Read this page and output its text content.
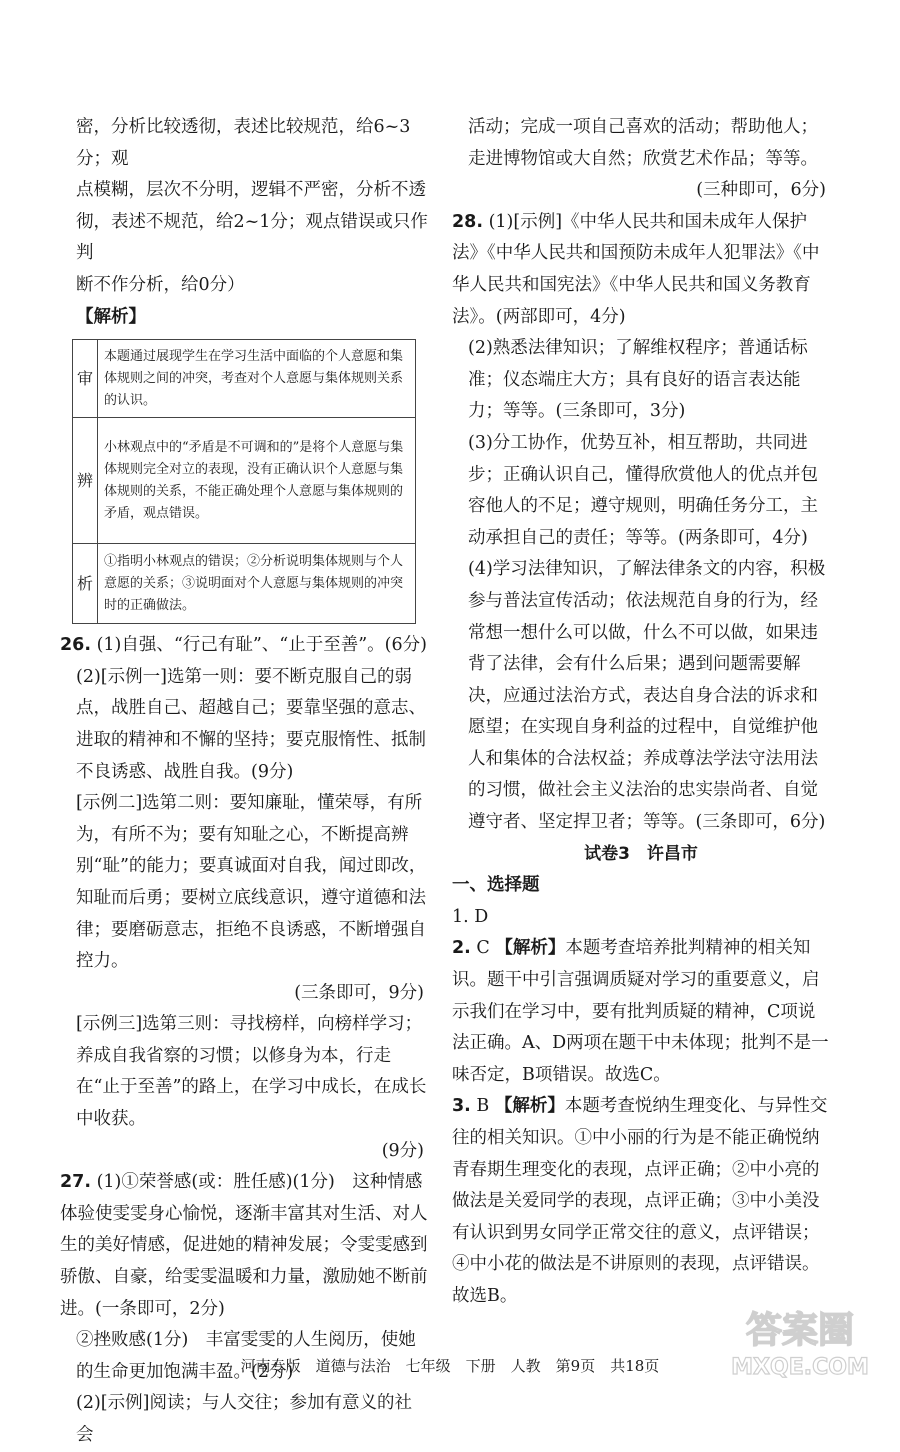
密，分析比较透彻，表述比较规范，给6~3分；观

点模糊，层次不分明，逻辑不严密，分析不透

彻，表述不规范，给2~1分；观点错误或只作判

断不作分析，给0分）

【解析】

审	本题通过展现学生在学习生活中面临的个人意愿和集体规则之间的冲突，考查对个人意愿与集体规则关系的认识。
辨	小林观点中的“矛盾是不可调和的”是将个人意愿与集体规则完全对立的表现，没有正确认识个人意愿与集体规则的关系，不能正确处理个人意愿与集体规则的矛盾，观点错误。
析	①指明小林观点的错误；②分析说明集体规则与个人意愿的关系；③说明面对个人意愿与集体规则的冲突时的正确做法。

26. (1)自强、“行己有耻”、“止于至善”。(6分)

(2)[示例一]选第一则：要不断克服自己的弱点，战胜自己、超越自己；要靠坚强的意志、进取的精神和不懈的坚持；要克服惰性、抵制不良诱惑、战胜自我。(9分)

[示例二]选第二则：要知廉耻，懂荣辱，有所为，有所不为；要有知耻之心，不断提高辨别“耻”的能力；要真诚面对自我，闻过即改，知耻而后勇；要树立底线意识，遵守道德和法律；要磨砺意志，拒绝不良诱惑，不断增强自控力。

(三条即可，9分)

[示例三]选第三则：寻找榜样，向榜样学习；养成自我省察的习惯；以修身为本，行走在“止于至善”的路上，在学习中成长，在成长中收获。

(9分)

27. (1)①荣誉感(或：胜任感)(1分)　这种情感体验使雯雯身心愉悦，逐渐丰富其对生活、对人生的美好情感，促进她的精神发展；令雯雯感到骄傲、自豪，给雯雯温暖和力量，激励她不断前进。(一条即可，2分)

②挫败感(1分)　丰富雯雯的人生阅历，使她的生命更加饱满丰盈。(2分)

(2)[示例]阅读；与人交往；参加有意义的社会

活动；完成一项自己喜欢的活动；帮助他人；走进博物馆或大自然；欣赏艺术作品；等等。

(三种即可，6分)

28. (1)[示例]《中华人民共和国未成年人保护法》《中华人民共和国预防未成年人犯罪法》《中华人民共和国宪法》《中华人民共和国义务教育法》。(两部即可，4分)

(2)熟悉法律知识；了解维权程序；普通话标准；仪态端庄大方；具有良好的语言表达能力；等等。(三条即可，3分)

(3)分工协作，优势互补，相互帮助，共同进步；正确认识自己，懂得欣赏他人的优点并包容他人的不足；遵守规则，明确任务分工，主动承担自己的责任；等等。(两条即可，4分)

(4)学习法律知识，了解法律条文的内容，积极参与普法宣传活动；依法规范自身的行为，经常想一想什么可以做，什么不可以做，如果违背了法律，会有什么后果；遇到问题需要解决，应通过法治方式，表达自身合法的诉求和愿望；在实现自身利益的过程中，自觉维护他人和集体的合法权益；养成尊法学法守法用法的习惯，做社会主义法治的忠实崇尚者、自觉遵守者、坚定捍卫者；等等。(三条即可，6分)

试卷3　许昌市

一、选择题

1. D

2. C 【解析】本题考查培养批判精神的相关知识。题干中引言强调质疑对学习的重要意义，启示我们在学习中，要有批判质疑的精神，C项说法正确。A、D两项在题干中未体现；批判不是一味否定，B项错误。故选C。

3. B 【解析】本题考查悦纳生理变化、与异性交往的相关知识。①中小丽的行为是不能正确悦纳青春期生理变化的表现，点评正确；②中小亮的做法是关爱同学的表现，点评正确；③中小美没有认识到男女同学正常交往的意义，点评错误；④中小花的做法是不讲原则的表现，点评错误。故选B。

河南专版　道德与法治　七年级　下册　人教　第9页　共18页
答案圈
MXQE.COM
